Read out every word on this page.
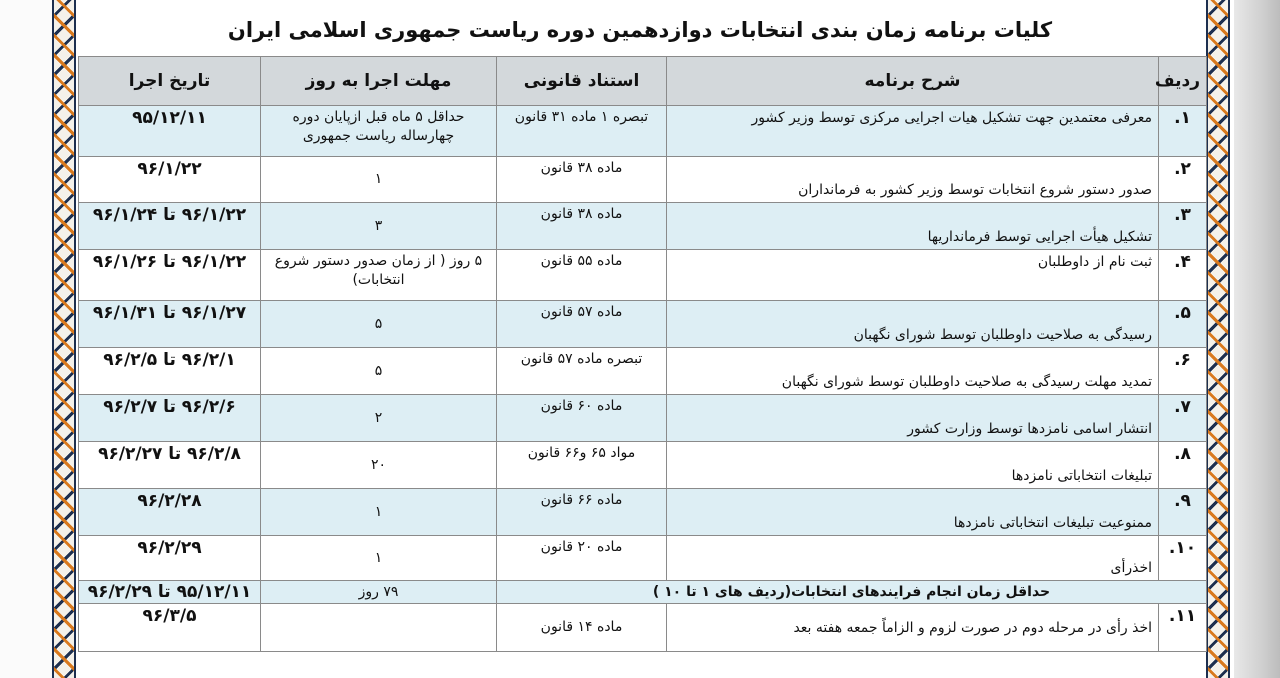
کلیات برنامه زمان بندی انتخابات دوازدهمین دوره ریاست جمهوری اسلامی ایران
ردیف	شرح برنامه	استناد قانونی	مهلت اجرا به روز	تاریخ اجرا
۱.	معرفی معتمدین جهت تشکیل هیات اجرایی مرکزی توسط وزیر کشور	تبصره ۱ ماده ۳۱ قانون	حداقل ۵ ماه قبل ازپایان دوره چهارساله ریاست جمهوری	۹۵/۱۲/۱۱
۲.	صدور دستور شروع انتخابات توسط وزیر کشور به فرمانداران	ماده ۳۸ قانون	۱	۹۶/۱/۲۲
۳.	تشکیل هیأت اجرایی توسط فرمانداریها	ماده ۳۸ قانون	۳	۹۶/۱/۲۲ تا ۹۶/۱/۲۴
۴.	ثبت نام از داوطلبان	ماده ۵۵ قانون	۵ روز ( از زمان صدور دستور شروع انتخابات)	۹۶/۱/۲۲ تا ۹۶/۱/۲۶
۵.	رسیدگی به صلاحیت داوطلبان توسط شورای نگهبان	ماده ۵۷ قانون	۵	۹۶/۱/۲۷ تا ۹۶/۱/۳۱
۶.	تمدید مهلت رسیدگی به صلاحیت داوطلبان توسط شورای نگهبان	تبصره ماده ۵۷ قانون	۵	۹۶/۲/۱ تا ۹۶/۲/۵
۷.	انتشار اسامی نامزدها توسط وزارت کشور	ماده ۶۰ قانون	۲	۹۶/۲/۶ تا ۹۶/۲/۷
۸.	تبلیغات انتخاباتی نامزدها	مواد ۶۵ و۶۶ قانون	۲۰	۹۶/۲/۸ تا ۹۶/۲/۲۷
۹.	ممنوعیت تبلیغات انتخاباتی نامزدها	ماده ۶۶ قانون	۱	۹۶/۲/۲۸
۱۰.	اخذرأی	ماده ۲۰ قانون	۱	۹۶/۲/۲۹
حداقل زمان انجام فرایندهای انتخابات(ردیف های ۱ تا ۱۰ )			۷۹ روز	۹۵/۱۲/۱۱ تا ۹۶/۲/۲۹
۱۱.	اخذ رأی در مرحله دوم در صورت لزوم و الزاماً جمعه هفته بعد	ماده ۱۴ قانون		۹۶/۳/۵
